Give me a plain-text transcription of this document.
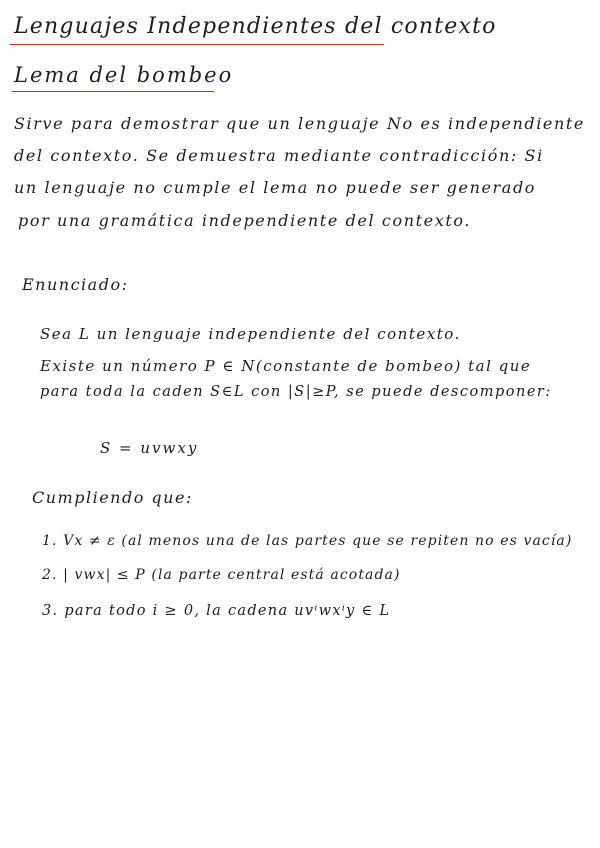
Lenguajes Independientes del contexto
Lema del bombeo
Sirve para demostrar que un lenguaje No es independiente
del contexto. Se demuestra mediante contradicción: Si
un lenguaje no cumple el lema no puede ser generado
por una gramática independiente del contexto.
Enunciado:
Sea L un lenguaje independiente del contexto.
Existe un número P ∈ N(constante de bombeo) tal que
para toda la caden S∈L con |S|≥P, se puede descomponer:
S = uvwxy
Cumpliendo que:
1. Vx ≠ ε (al menos una de las partes que se repiten no es vacía)
2. | vwx| ≤ P (la parte central está acotada)
3. para todo i ≥ 0, la cadena uvⁱwxⁱy ∈ L
